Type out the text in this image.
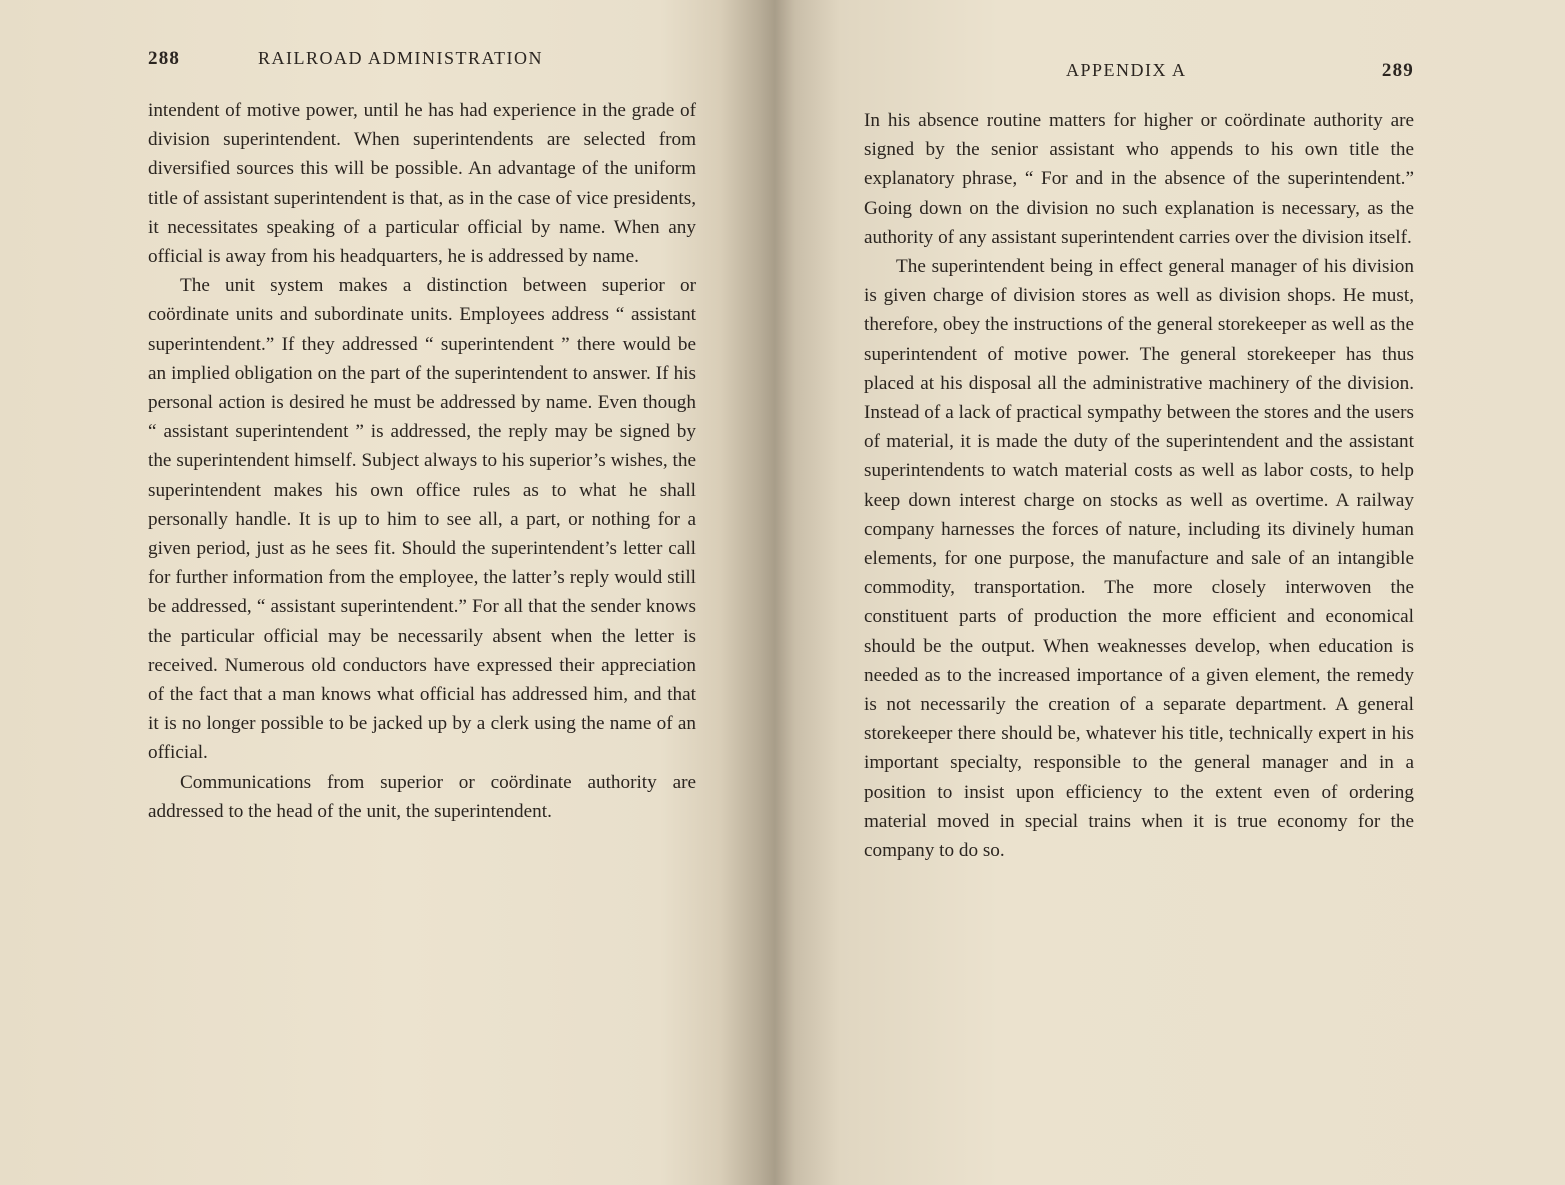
288	RAILROAD ADMINISTRATION

intendent of motive power, until he has had experience in the grade of division superintendent. When superintendents are selected from diversified sources this will be possible. An advantage of the uniform title of assistant superintendent is that, as in the case of vice presidents, it necessitates speaking of a particular official by name. When any official is away from his headquarters, he is addressed by name.

The unit system makes a distinction between superior or coördinate units and subordinate units. Employees address “ assistant superintendent.” If they addressed “ superintendent ” there would be an implied obligation on the part of the superintendent to answer. If his personal action is desired he must be addressed by name. Even though “ assistant superintendent ” is addressed, the reply may be signed by the superintendent himself. Subject always to his superior’s wishes, the superintendent makes his own office rules as to what he shall personally handle. It is up to him to see all, a part, or nothing for a given period, just as he sees fit. Should the superintendent’s letter call for further information from the employee, the latter’s reply would still be addressed, “ assistant superintendent.” For all that the sender knows the particular official may be necessarily absent when the letter is received. Numerous old conductors have expressed their appreciation of the fact that a man knows what official has addressed him, and that it is no longer possible to be jacked up by a clerk using the name of an official.

Communications from superior or coördinate authority are addressed to the head of the unit, the superintendent.

APPENDIX A	289

In his absence routine matters for higher or coördinate authority are signed by the senior assistant who appends to his own title the explanatory phrase, “ For and in the absence of the superintendent.” Going down on the division no such explanation is necessary, as the authority of any assistant superintendent carries over the division itself.

The superintendent being in effect general manager of his division is given charge of division stores as well as division shops. He must, therefore, obey the instructions of the general storekeeper as well as the superintendent of motive power. The general storekeeper has thus placed at his disposal all the administrative machinery of the division. Instead of a lack of practical sympathy between the stores and the users of material, it is made the duty of the superintendent and the assistant superintendents to watch material costs as well as labor costs, to help keep down interest charge on stocks as well as overtime. A railway company harnesses the forces of nature, including its divinely human elements, for one purpose, the manufacture and sale of an intangible commodity, transportation. The more closely interwoven the constituent parts of production the more efficient and economical should be the output. When weaknesses develop, when education is needed as to the increased importance of a given element, the remedy is not necessarily the creation of a separate department. A general storekeeper there should be, whatever his title, technically expert in his important specialty, responsible to the general manager and in a position to insist upon efficiency to the extent even of ordering material moved in special trains when it is true economy for the company to do so.
